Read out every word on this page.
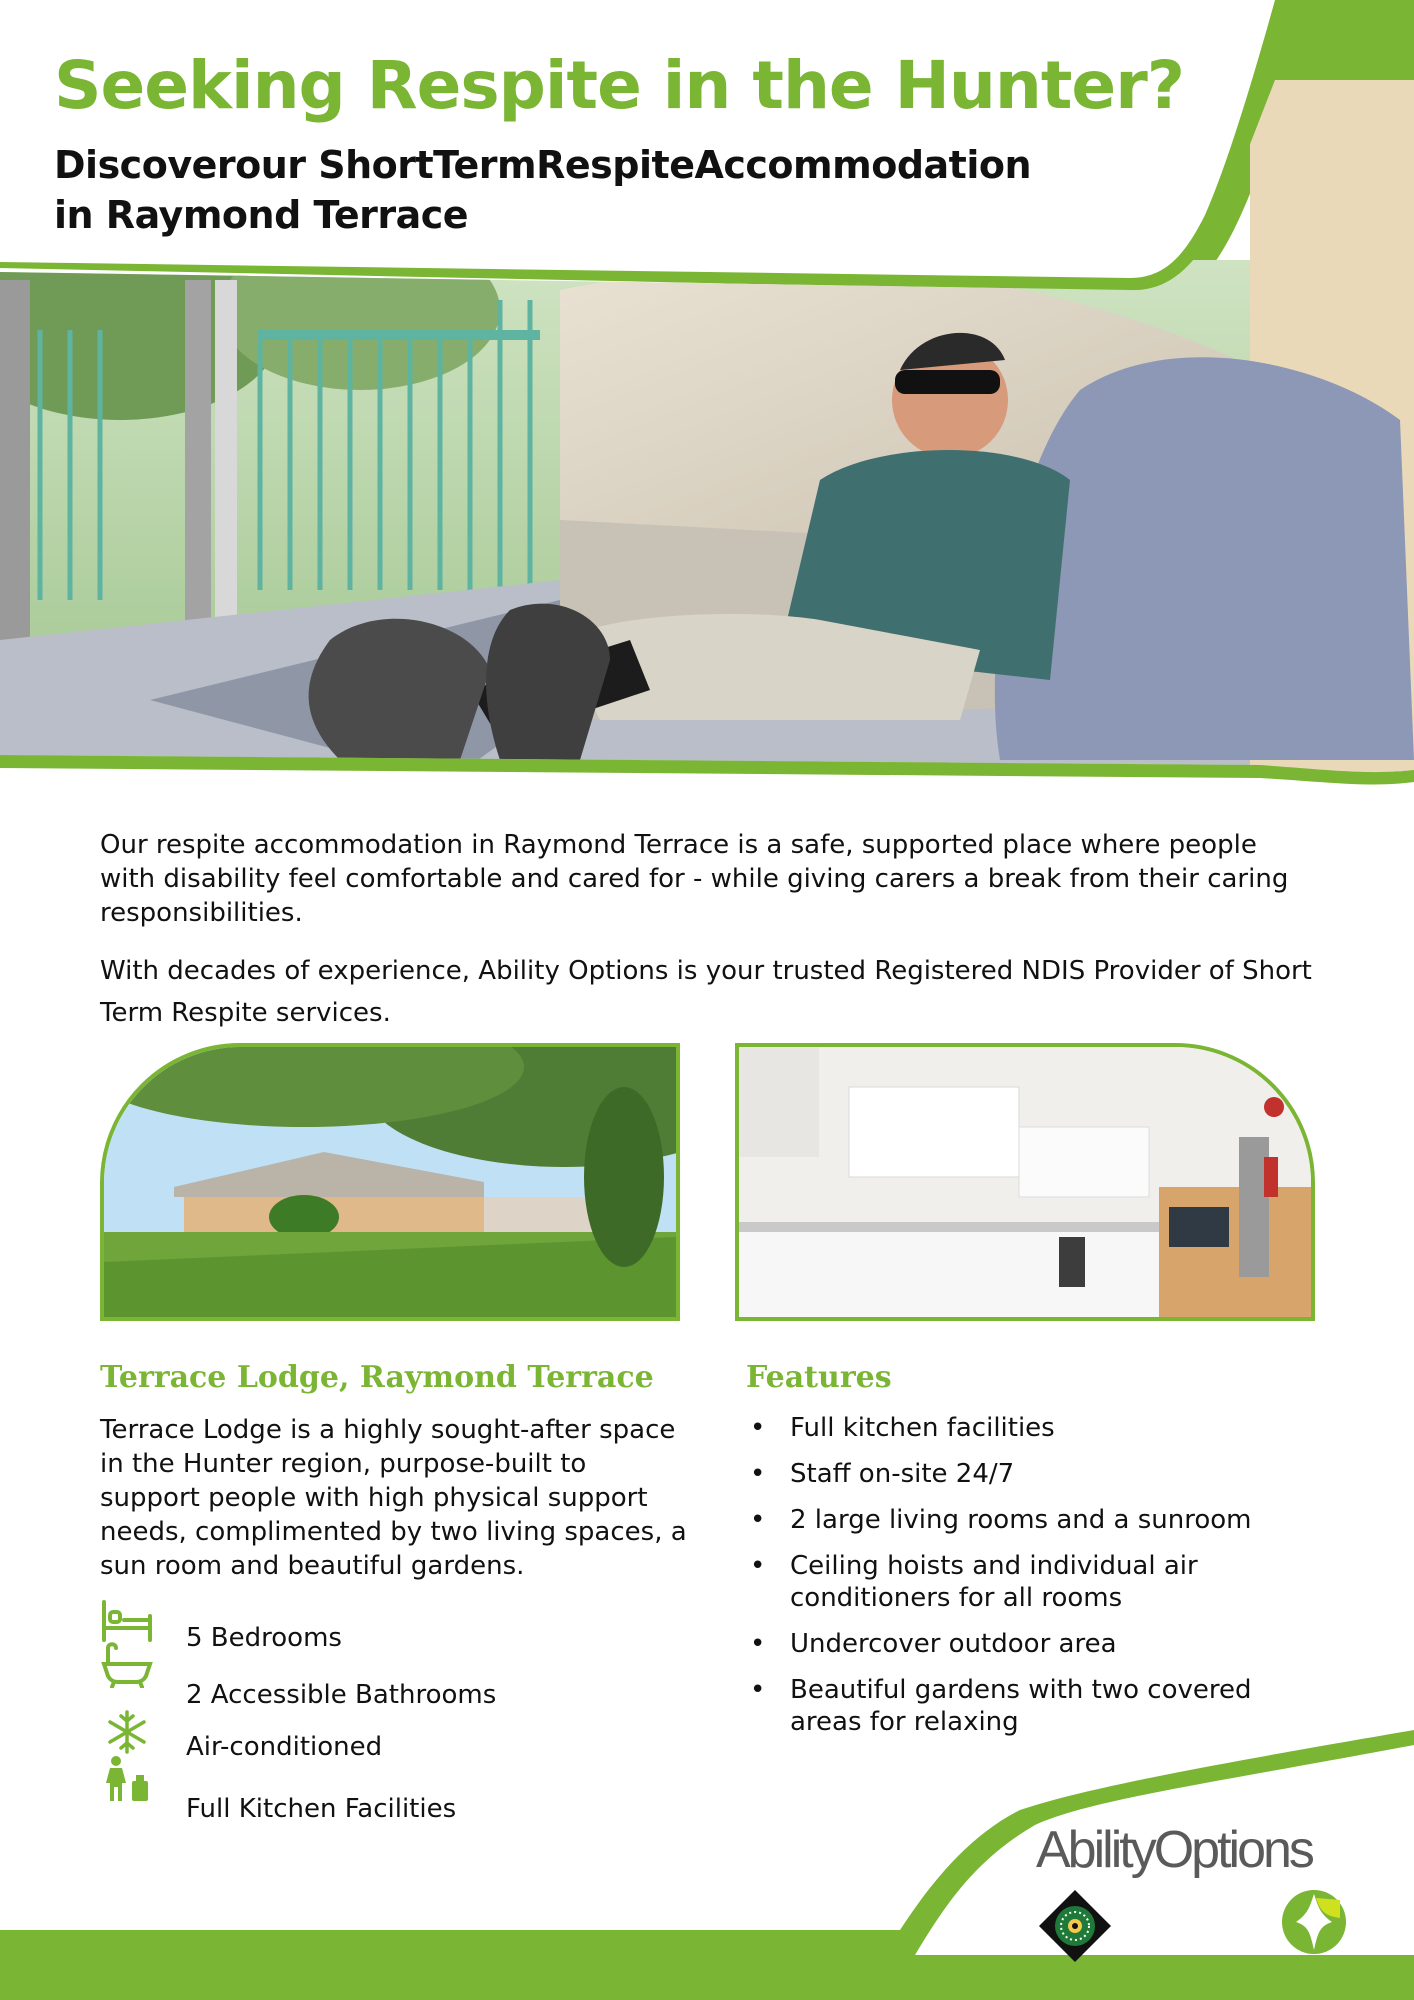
Seeking Respite in the Hunter?
Discoverour ShortTermRespiteAccommodation
in Raymond Terrace

Our respite accommodation in Raymond Terrace is a safe, supported place where people with disability feel comfortable and cared for - while giving carers a break from their caring responsibilities.

With decades of experience, Ability Options is your trusted Registered NDIS Provider of Short Term Respite services.

Terrace Lodge, Raymond Terrace

Terrace Lodge is a highly sought-after space in the Hunter region, purpose-built to support people with high physical support needs, complimented by two living spaces, a sun room and beautiful gardens.

5 Bedrooms
2 Accessible Bathrooms
Air-conditioned
Full Kitchen Facilities
Features
• Full kitchen facilities
• Staff on-site 24/7
• 2 large living rooms and a sunroom
• Ceiling hoists and individual air conditioners for all rooms
• Undercover outdoor area
• Beautiful gardens with two covered areas for relaxing
AbilityOptions
